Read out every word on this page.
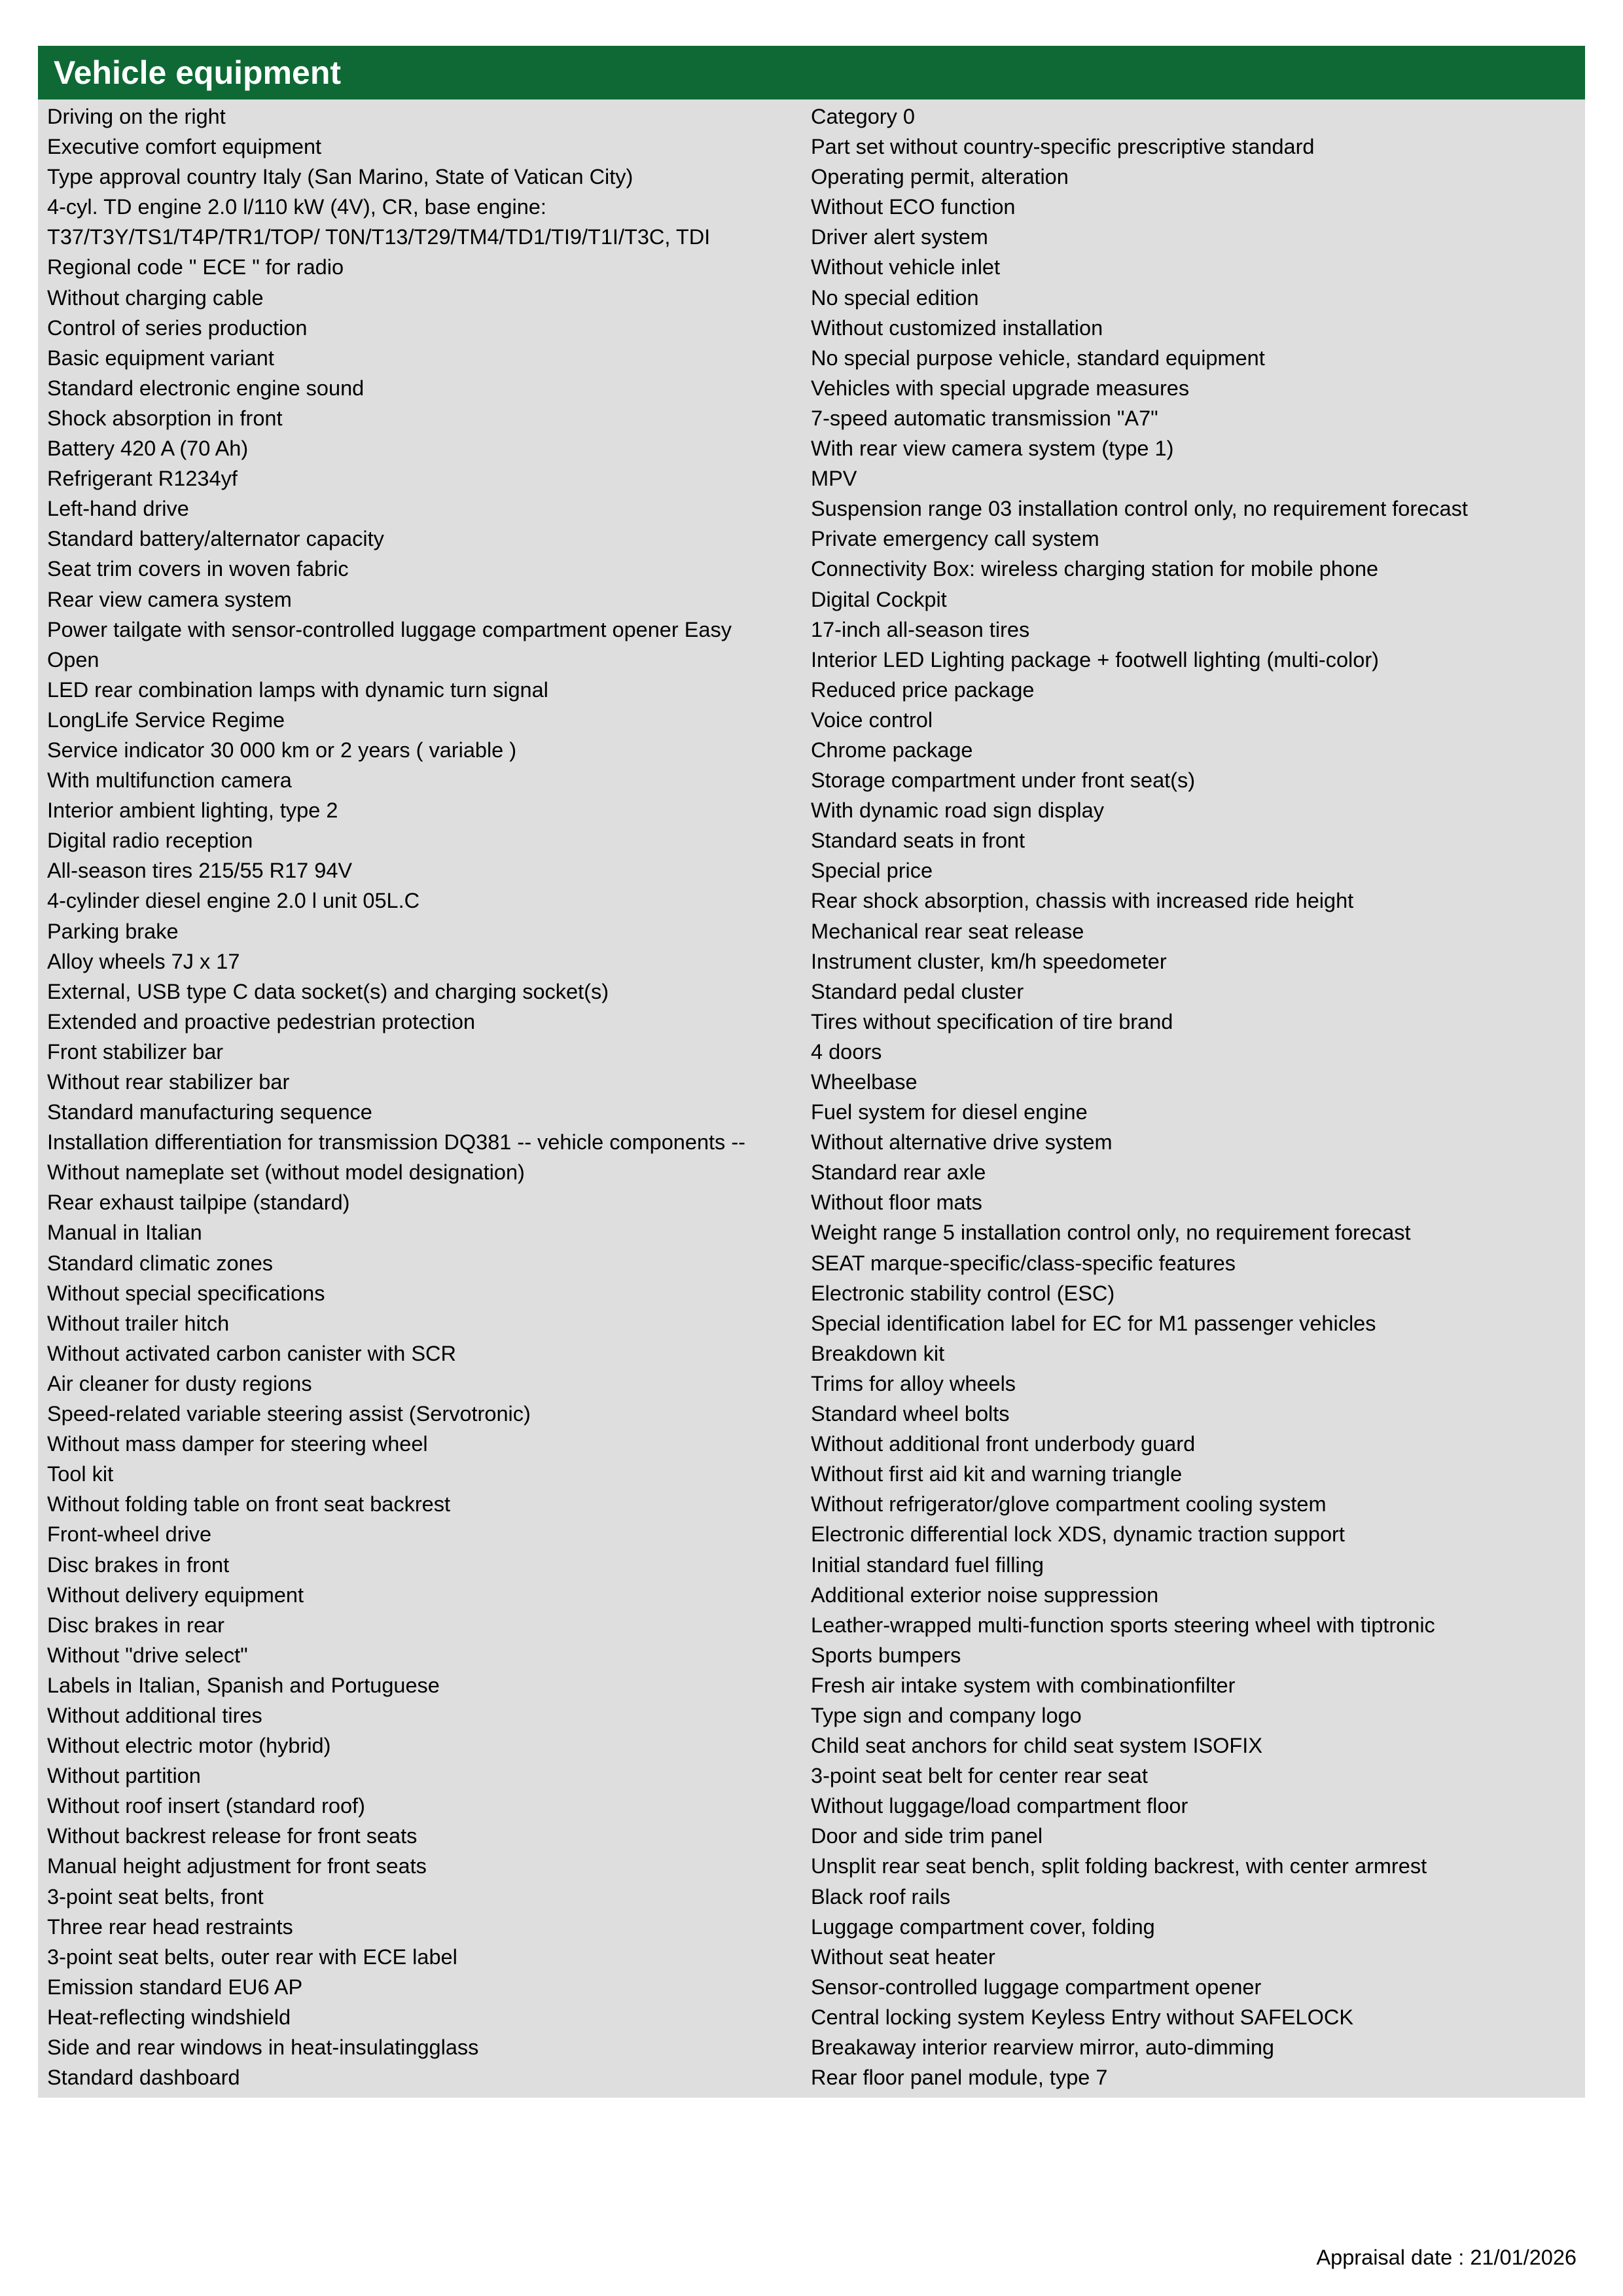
Vehicle equipment
Driving on the right
Executive comfort equipment
Type approval country Italy (San Marino, State of Vatican City)
4-cyl. TD engine 2.0 l/110 kW (4V), CR, base engine:
T37/T3Y/TS1/T4P/TR1/TOP/ T0N/T13/T29/TM4/TD1/TI9/T1I/T3C, TDI
Regional code " ECE " for radio
Without charging cable
Control of series production
Basic equipment variant
Standard electronic engine sound
Shock absorption in front
Battery 420 A (70 Ah)
Refrigerant R1234yf
Left-hand drive
Standard battery/alternator capacity
Seat trim covers in woven fabric
Rear view camera system
Power tailgate with sensor-controlled luggage compartment opener Easy
Open
LED rear combination lamps with dynamic turn signal
LongLife Service Regime
Service indicator 30 000 km or 2 years ( variable )
With multifunction camera
Interior ambient lighting, type 2
Digital radio reception
All-season tires 215/55 R17 94V
4-cylinder diesel engine 2.0 l unit 05L.C
Parking brake
Alloy wheels 7J x 17
External, USB type C data socket(s) and charging socket(s)
Extended and proactive pedestrian protection
Front stabilizer bar
Without rear stabilizer bar
Standard manufacturing sequence
Installation differentiation for transmission DQ381 -- vehicle components --
Without nameplate set (without model designation)
Rear exhaust tailpipe (standard)
Manual in Italian
Standard climatic zones
Without special specifications
Without trailer hitch
Without activated carbon canister with SCR
Air cleaner for dusty regions
Speed-related variable steering assist (Servotronic)
Without mass damper for steering wheel
Tool kit
Without folding table on front seat backrest
Front-wheel drive
Disc brakes in front
Without delivery equipment
Disc brakes in rear
Without "drive select"
Labels in Italian, Spanish and Portuguese
Without additional tires
Without electric motor (hybrid)
Without partition
Without roof insert (standard roof)
Without backrest release for front seats
Manual height adjustment for front seats
3-point seat belts, front
Three rear head restraints
3-point seat belts, outer rear with ECE label
Emission standard EU6 AP
Heat-reflecting windshield
Side and rear windows in heat-insulatingglass
Standard dashboard
Category 0
Part set without country-specific prescriptive standard
Operating permit, alteration
Without ECO function
Driver alert system
Without vehicle inlet
No special edition
Without customized installation
No special purpose vehicle, standard equipment
Vehicles with special upgrade measures
7-speed automatic transmission "A7"
With rear view camera system (type 1)
MPV
Suspension range 03 installation control only, no requirement forecast
Private emergency call system
Connectivity Box: wireless charging station for mobile phone
Digital Cockpit
17-inch all-season tires
Interior LED Lighting package + footwell lighting (multi-color)
Reduced price package
Voice control
Chrome package
Storage compartment under front seat(s)
With dynamic road sign display
Standard seats in front
Special price
Rear shock absorption, chassis with increased ride height
Mechanical rear seat release
Instrument cluster, km/h speedometer
Standard pedal cluster
Tires without specification of tire brand
4 doors
Wheelbase
Fuel system for diesel engine
Without alternative drive system
Standard rear axle
Without floor mats
Weight range 5 installation control only, no requirement forecast
SEAT marque-specific/class-specific features
Electronic stability control (ESC)
Special identification label for EC for M1 passenger vehicles
Breakdown kit
Trims for alloy wheels
Standard wheel bolts
Without additional front underbody guard
Without first aid kit and warning triangle
Without refrigerator/glove compartment cooling system
Electronic differential lock XDS, dynamic traction support
Initial standard fuel filling
Additional exterior noise suppression
Leather-wrapped multi-function sports steering wheel with tiptronic
Sports bumpers
Fresh air intake system with combinationfilter
Type sign and company logo
Child seat anchors for child seat system ISOFIX
3-point seat belt for center rear seat
Without luggage/load compartment floor
Door and side trim panel
Unsplit rear seat bench, split folding backrest, with center armrest
Black roof rails
Luggage compartment cover, folding
Without seat heater
Sensor-controlled luggage compartment opener
Central locking system Keyless Entry without SAFELOCK
Breakaway interior rearview mirror, auto-dimming
Rear floor panel module, type 7
Appraisal date : 21/01/2026
